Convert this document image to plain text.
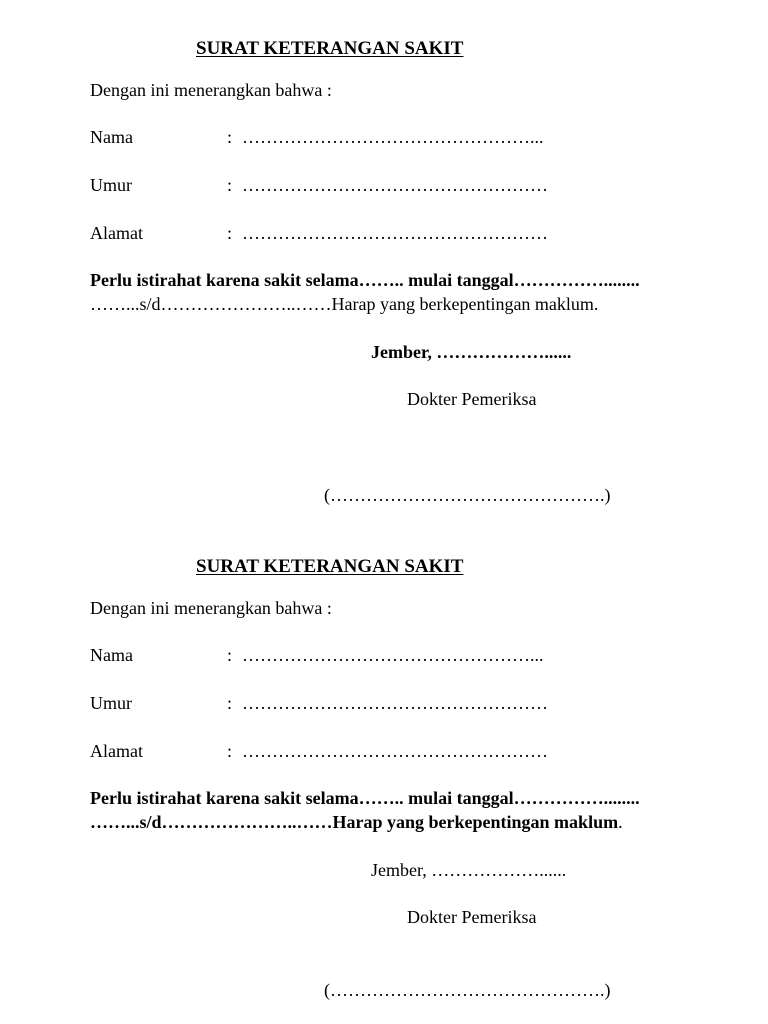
SURAT KETERANGAN SAKIT
Dengan ini menerangkan bahwa :
Nama	: …………………………………………...
Umur	: ……………………………………………
Alamat	: ……………………………………………
Perlu istirahat karena sakit selama…….. mulai tanggal……………........
……...s/d…………………..……Harap yang berkepentingan maklum.
Jember, ………………......
Dokter Pemeriksa
(……………………………………….)
SURAT KETERANGAN SAKIT
Dengan ini menerangkan bahwa :
Nama	: …………………………………………...
Umur	: ……………………………………………
Alamat	: ……………………………………………
Perlu istirahat karena sakit selama…….. mulai tanggal……………........
……...s/d…………………..……Harap yang berkepentingan maklum.
Jember, ………………......
Dokter Pemeriksa
(……………………………………….)
